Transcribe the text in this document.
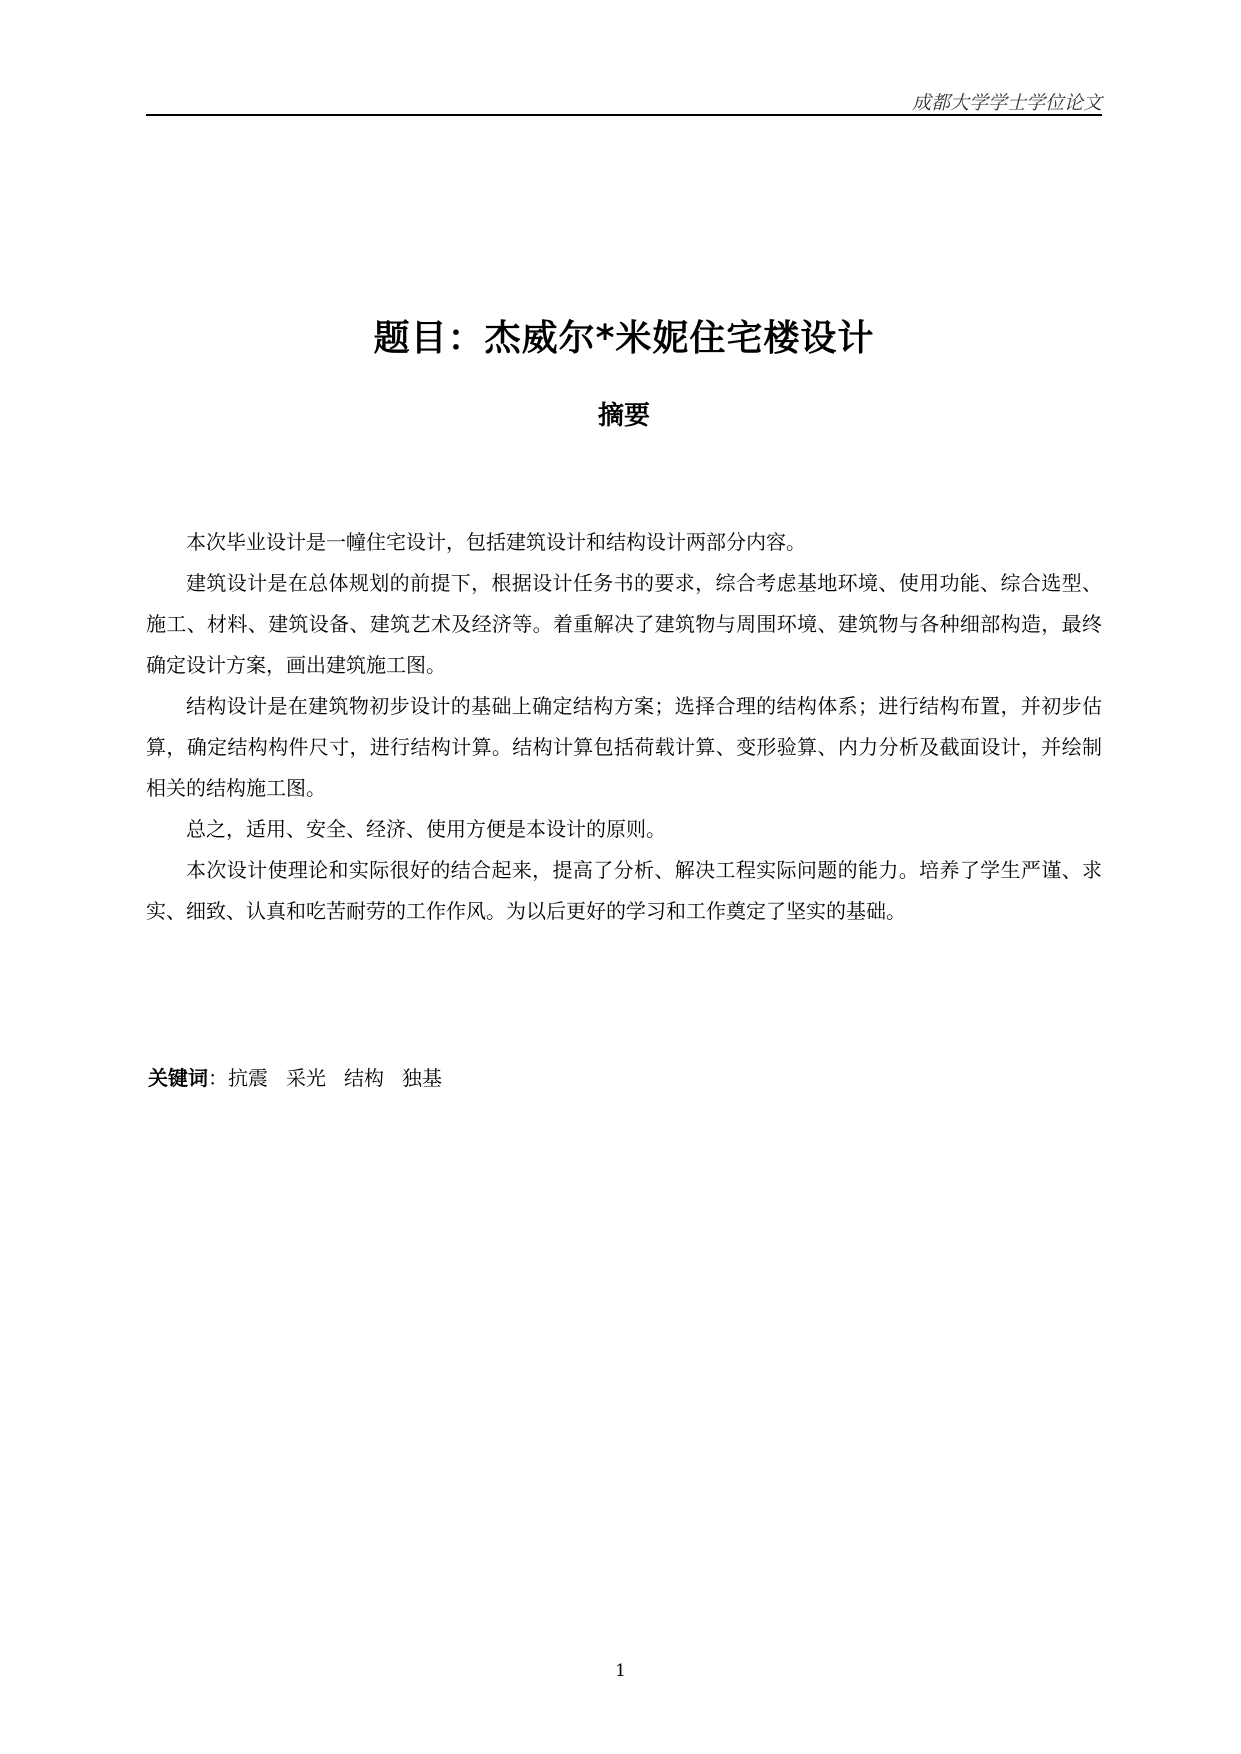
成都大学学士学位论文
题目：杰威尔*米妮住宅楼设计
摘要

本次毕业设计是一幢住宅设计，包括建筑设计和结构设计两部分内容。

建筑设计是在总体规划的前提下，根据设计任务书的要求，综合考虑基地环境、使用功能、综合选型、施工、材料、建筑设备、建筑艺术及经济等。着重解决了建筑物与周围环境、建筑物与各种细部构造，最终确定设计方案，画出建筑施工图。

结构设计是在建筑物初步设计的基础上确定结构方案；选择合理的结构体系；进行结构布置，并初步估算，确定结构构件尺寸，进行结构计算。结构计算包括荷载计算、变形验算、内力分析及截面设计，并绘制相关的结构施工图。

总之，适用、安全、经济、使用方便是本设计的原则。

本次设计使理论和实际很好的结合起来，提高了分析、解决工程实际问题的能力。培养了学生严谨、求实、细致、认真和吃苦耐劳的工作作风。为以后更好的学习和工作奠定了坚实的基础。

关键词：抗震 采光 结构 独基
1
